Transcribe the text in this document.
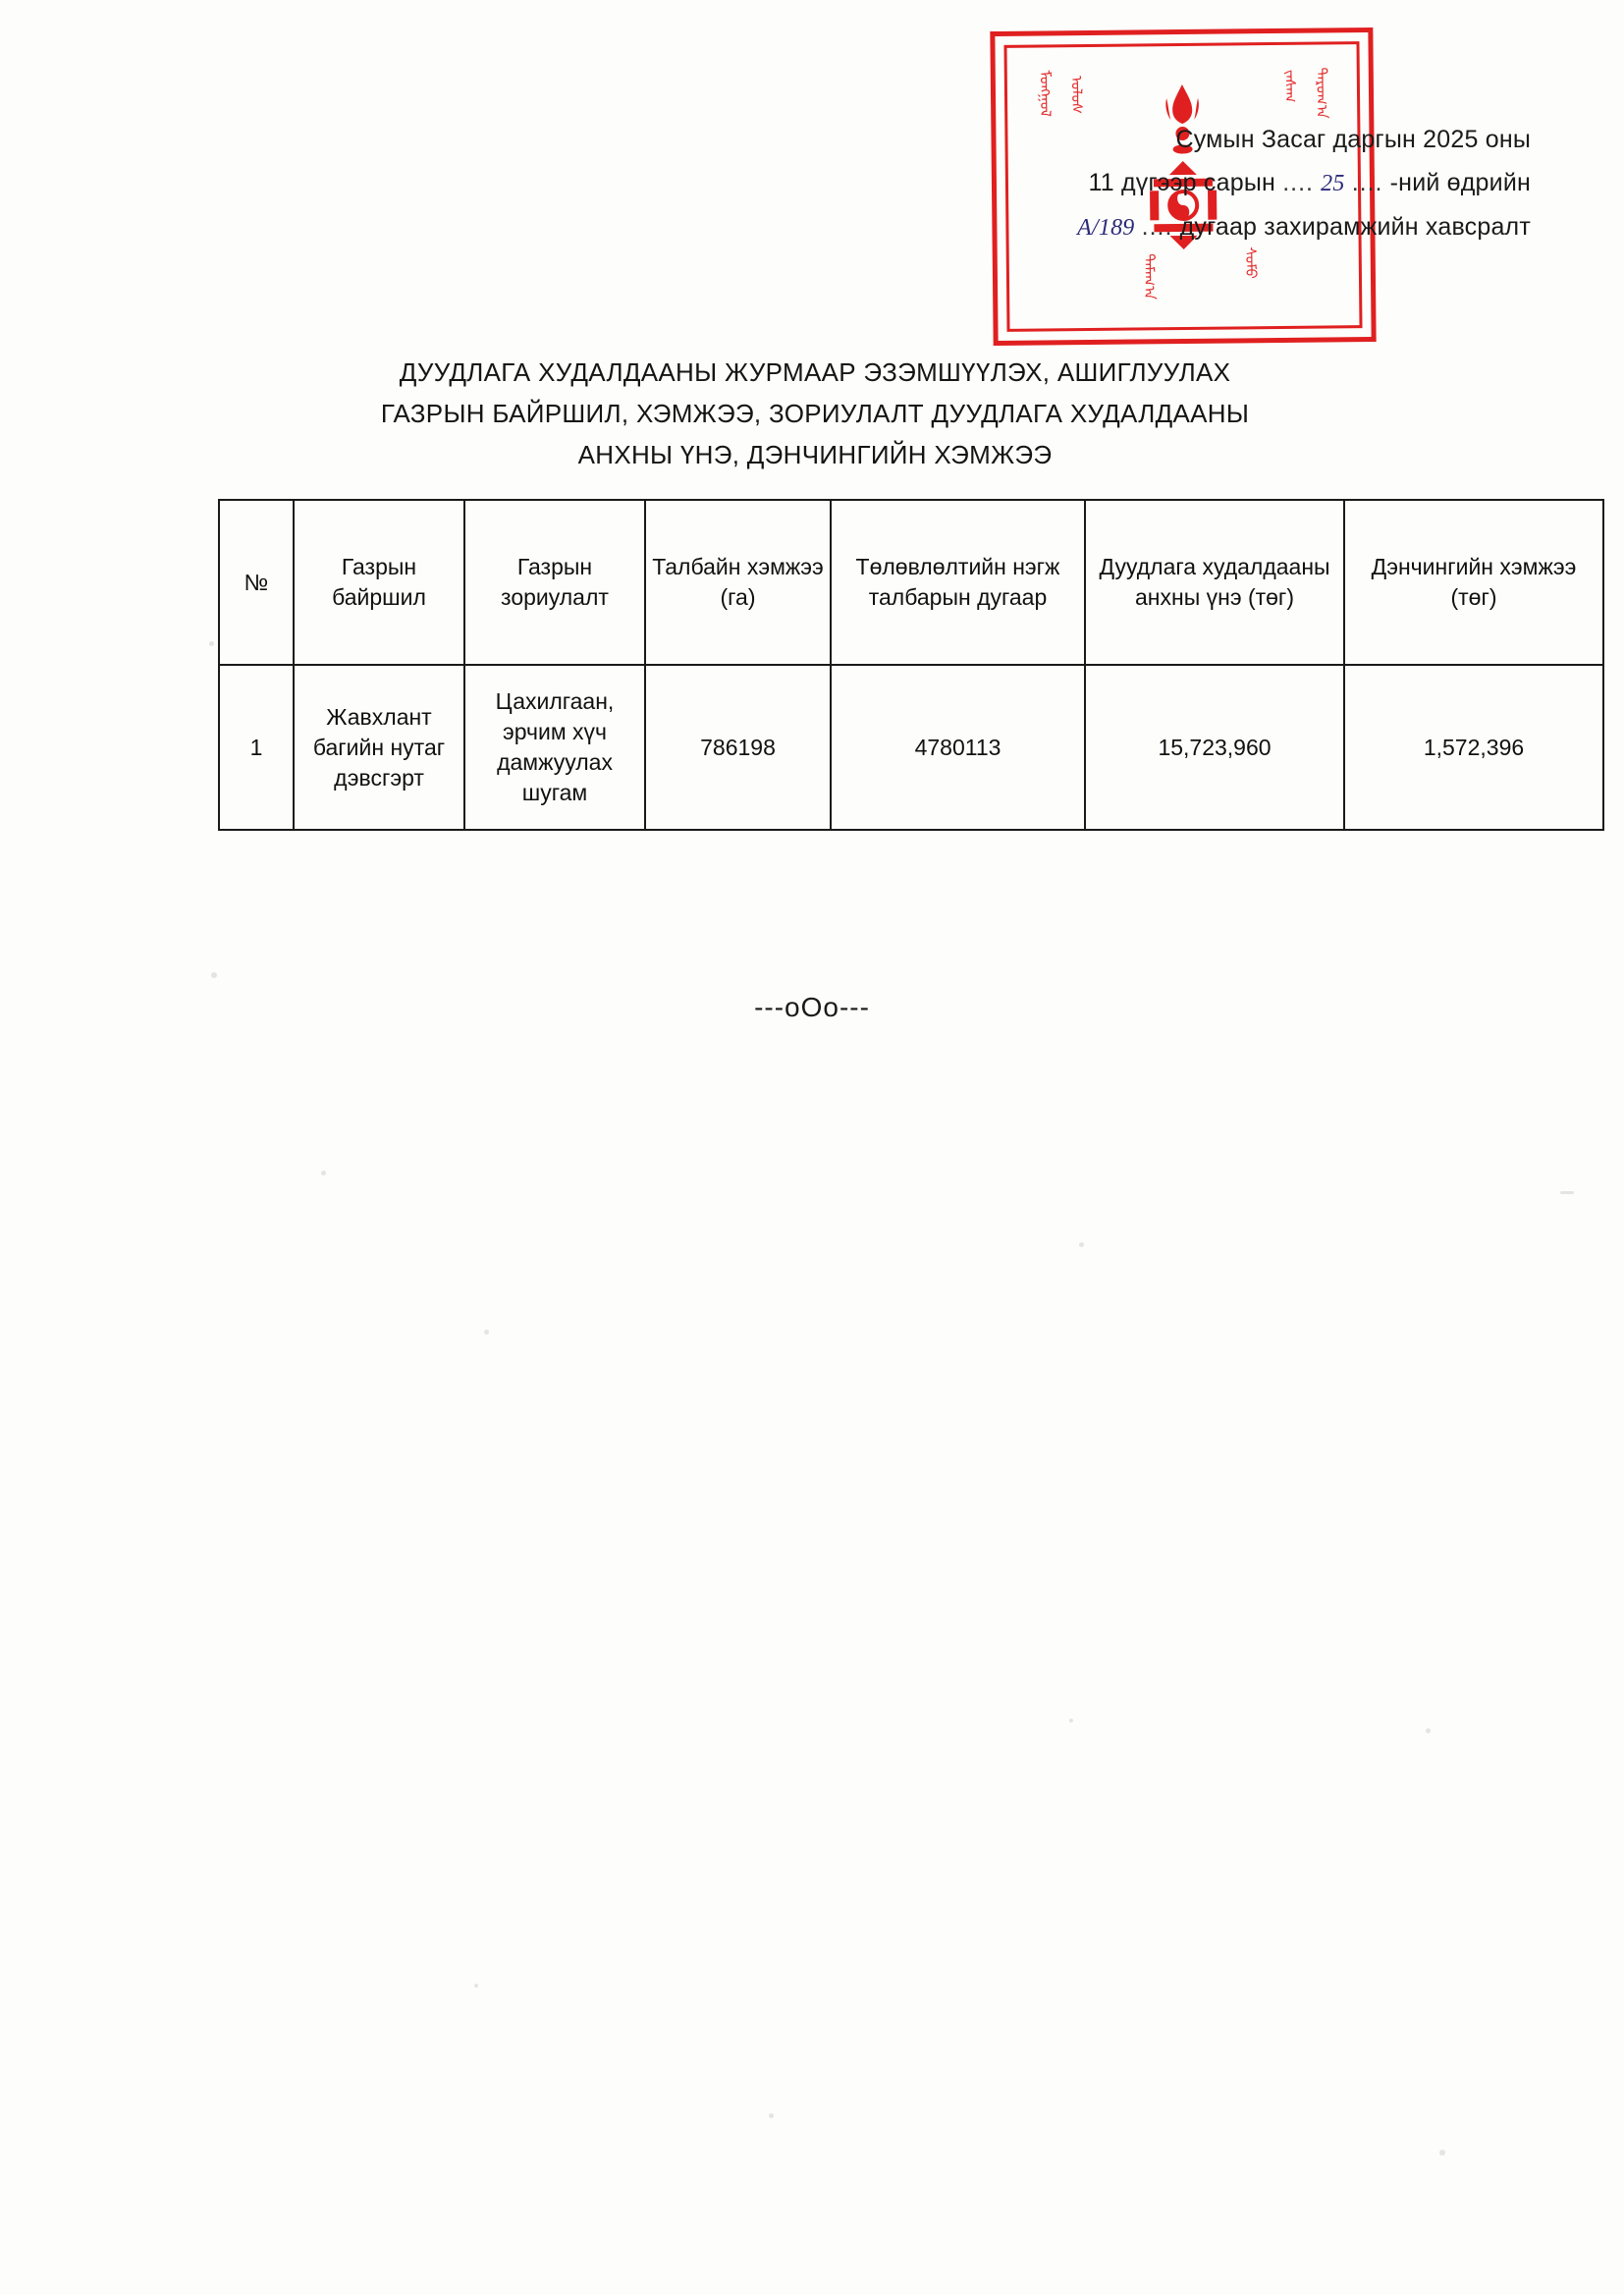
ᠮᠣᠩᠭᠣᠯ ᠤᠯᠤᠰ	ᠵᠠᠰᠠᠭ ᠳᠠᠷᠤᠭ᠎ᠠ
ᠲᠠᠮᠠᠭ᠎ᠠ	ᠰᠤᠮᠤ
Сумын Засаг даргын 2025 оны
11 дүгээр сарын .... 25 .... -ний өдрийн
А/189 .... дугаар захирамжийн хавсралт
ДУУДЛАГА ХУДАЛДААНЫ ЖУРМААР ЭЗЭМШҮҮЛЭХ, АШИГЛУУЛАХ
ГАЗРЫН БАЙРШИЛ, ХЭМЖЭЭ, ЗОРИУЛАЛТ ДУУДЛАГА ХУДАЛДААНЫ
АНХНЫ ҮНЭ, ДЭНЧИНГИЙН ХЭМЖЭЭ
№	Газрын байршил	Газрын зориулалт	Талбайн хэмжээ (га)	Төлөвлөлтийн нэгж талбарын дугаар	Дуудлага худалдааны анхны үнэ (төг)	Дэнчингийн хэмжээ (төг)
1	Жавхлант багийн нутаг дэвсгэрт	Цахилгаан, эрчим хүч дамжуулах шугам	786198	4780113	15,723,960	1,572,396
---oOo---
